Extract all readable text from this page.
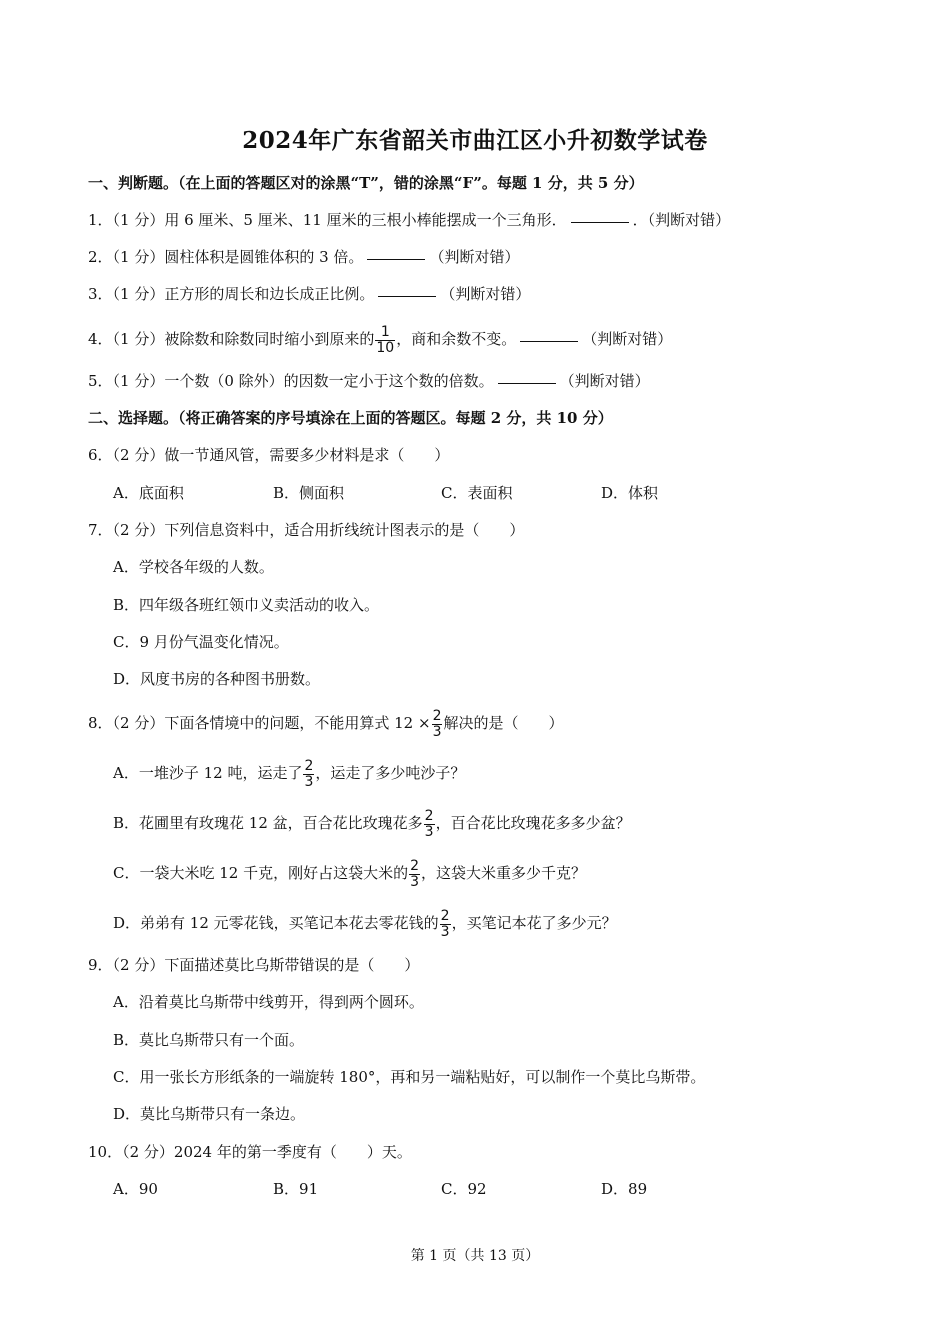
2024年广东省韶关市曲江区小升初数学试卷
一、判断题。（在上面的答题区对的涂黑“T”，错的涂黑“F”。每题 1 分，共 5 分）
1．（1 分）用 6 厘米、5 厘米、11 厘米的三根小棒能摆成一个三角形．	．（判断对错）
2．（1 分）圆柱体积是圆锥体积的 3 倍。	（判断对错）
3．（1 分）正方形的周长和边长成正比例。	（判断对错）
4．（1 分）被除数和除数同时缩小到原来的 $\frac{1}{10}$ ，商和余数不变。	（判断对错）
5．（1 分）一个数（0 除外）的因数一定小于这个数的倍数。	（判断对错）
二、选择题。（将正确答案的序号填涂在上面的答题区。每题 2 分，共 10 分）
6．（2 分）做一节通风管，需要多少材料是求（　　）
A．底面积	B．侧面积	C．表面积	D．体积
7．（2 分）下列信息资料中，适合用折线统计图表示的是（　　）
A．学校各年级的人数。
B．四年级各班红领巾义卖活动的收入。
C．9 月份气温变化情况。
D．风度书房的各种图书册数。
8．（2 分）下面各情境中的问题，不能用算式 $12 \times \frac{2}{3}$ 解决的是（　　）
A．一堆沙子 12 吨，运走了 $\frac{2}{3}$ ，运走了多少吨沙子？
B．花圃里有玫瑰花 12 盆，百合花比玫瑰花多 $\frac{2}{3}$ ，百合花比玫瑰花多多少盆？
C．一袋大米吃 12 千克，刚好占这袋大米的 $\frac{2}{3}$ ，这袋大米重多少千克？
D．弟弟有 12 元零花钱，买笔记本花去零花钱的 $\frac{2}{3}$ ，买笔记本花了多少元？
9．（2 分）下面描述莫比乌斯带错误的是（　　）
A．沿着莫比乌斯带中线剪开，得到两个圆环。
B．莫比乌斯带只有一个面。
C．用一张长方形纸条的一端旋转 180°，再和另一端粘贴好，可以制作一个莫比乌斯带。
D．莫比乌斯带只有一条边。
10．（2 分）2024 年的第一季度有（　　）天。
A．90	B．91	C．92	D．89
第 1 页（共 13 页）
